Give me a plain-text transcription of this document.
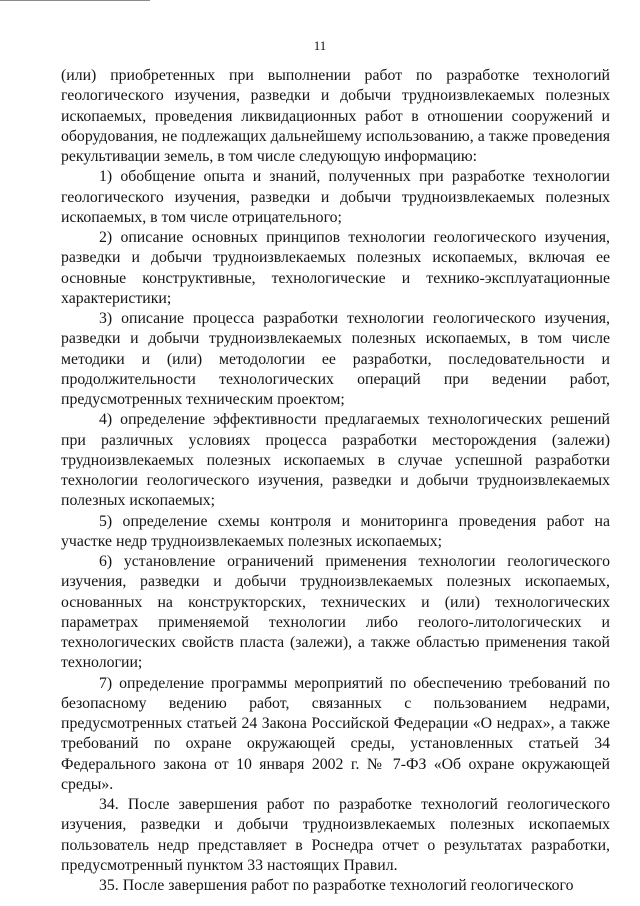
11

(или) приобретенных при выполнении работ по разработке технологий геологического изучения, разведки и добычи трудноизвлекаемых полезных ископаемых, проведения ликвидационных работ в отношении сооружений и оборудования, не подлежащих дальнейшему использованию, а также проведения рекультивации земель, в том числе следующую информацию:

1) обобщение опыта и знаний, полученных при разработке технологии геологического изучения, разведки и добычи трудноизвлекаемых полезных ископаемых, в том числе отрицательного;

2) описание основных принципов технологии геологического изучения, разведки и добычи трудноизвлекаемых полезных ископаемых, включая ее основные конструктивные, технологические и технико-эксплуатационные характеристики;

3) описание процесса разработки технологии геологического изучения, разведки и добычи трудноизвлекаемых полезных ископаемых, в том числе методики и (или) методологии ее разработки, последовательности и продолжительности технологических операций при ведении работ, предусмотренных техническим проектом;

4) определение эффективности предлагаемых технологических решений при различных условиях процесса разработки месторождения (залежи) трудноизвлекаемых полезных ископаемых в случае успешной разработки технологии геологического изучения, разведки и добычи трудноизвлекаемых полезных ископаемых;

5) определение схемы контроля и мониторинга проведения работ на участке недр трудноизвлекаемых полезных ископаемых;

6) установление ограничений применения технологии геологического изучения, разведки и добычи трудноизвлекаемых полезных ископаемых, основанных на конструкторских, технических и (или) технологических параметрах применяемой технологии либо геолого-литологических и технологических свойств пласта (залежи), а также областью применения такой технологии;

7) определение программы мероприятий по обеспечению требований по безопасному ведению работ, связанных с пользованием недрами, предусмотренных статьей 24 Закона Российской Федерации «О недрах», а также требований по охране окружающей среды, установленных статьей 34 Федерального закона от 10 января 2002 г. № 7-ФЗ «Об охране окружающей среды».

34. После завершения работ по разработке технологий геологического изучения, разведки и добычи трудноизвлекаемых полезных ископаемых пользователь недр представляет в Роснедра отчет о результатах разработки, предусмотренный пунктом 33 настоящих Правил.

35. После завершения работ по разработке технологий геологического
